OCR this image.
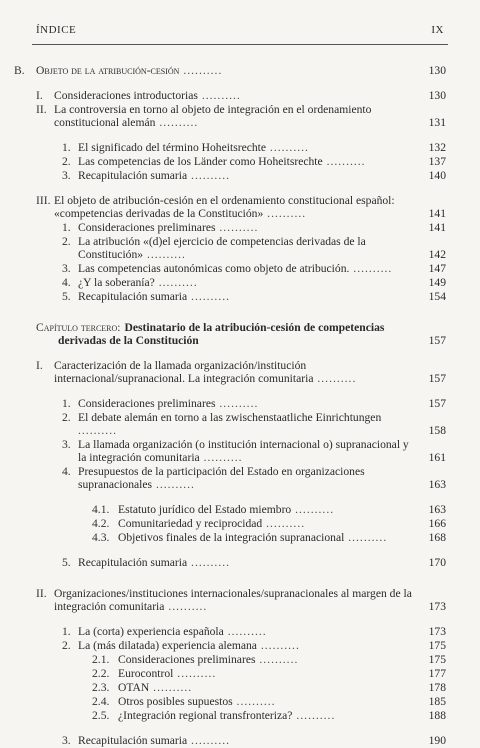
ÍNDICE	IX
B. Objeto de la atribución-cesión ..........	130
I. Consideraciones introductorias ..........	130
II. La controversia en torno al objeto de integración en el ordenamiento constitucional alemán ..........	131
1. El significado del término Hoheitsrechte ..........	132
2. Las competencias de los Länder como Hoheitsrechte ..........	137
3. Recapitulación sumaria ..........	140
III. El objeto de atribución-cesión en el ordenamiento constitucional español: «competencias derivadas de la Constitución» ..........	141
1. Consideraciones preliminares ..........	141
2. La atribución «(d)el ejercicio de competencias derivadas de la Constitución» ..........	142
3. Las competencias autonómicas como objeto de atribución. ..........	147
4. ¿Y la soberanía? ..........	149
5. Recapitulación sumaria ..........	154
Capítulo tercero: Destinatario de la atribución-cesión de competencias derivadas de la Constitución	157
I. Caracterización de la llamada organización/institución internacional/supranacional. La integración comunitaria ..........	157
1. Consideraciones preliminares ..........	157
2. El debate alemán en torno a las zwischenstaatliche Einrichtungen ..........	158
3. La llamada organización (o institución internacional o) supranacional y la integración comunitaria ..........	161
4. Presupuestos de la participación del Estado en organizaciones supranacionales ..........	163
4.1. Estatuto jurídico del Estado miembro ..........	163
4.2. Comunitariedad y reciprocidad ..........	166
4.3. Objetivos finales de la integración supranacional ..........	168
5. Recapitulación sumaria ..........	170
II. Organizaciones/instituciones internacionales/supranacionales al margen de la integración comunitaria ..........	173
1. La (corta) experiencia española ..........	173
2. La (más dilatada) experiencia alemana ..........	175
2.1. Consideraciones preliminares ..........	175
2.2. Eurocontrol ..........	177
2.3. OTAN ..........	178
2.4. Otros posibles supuestos ..........	185
2.5. ¿Integración regional transfronteriza? ..........	188
3. Recapitulación sumaria ..........	190
